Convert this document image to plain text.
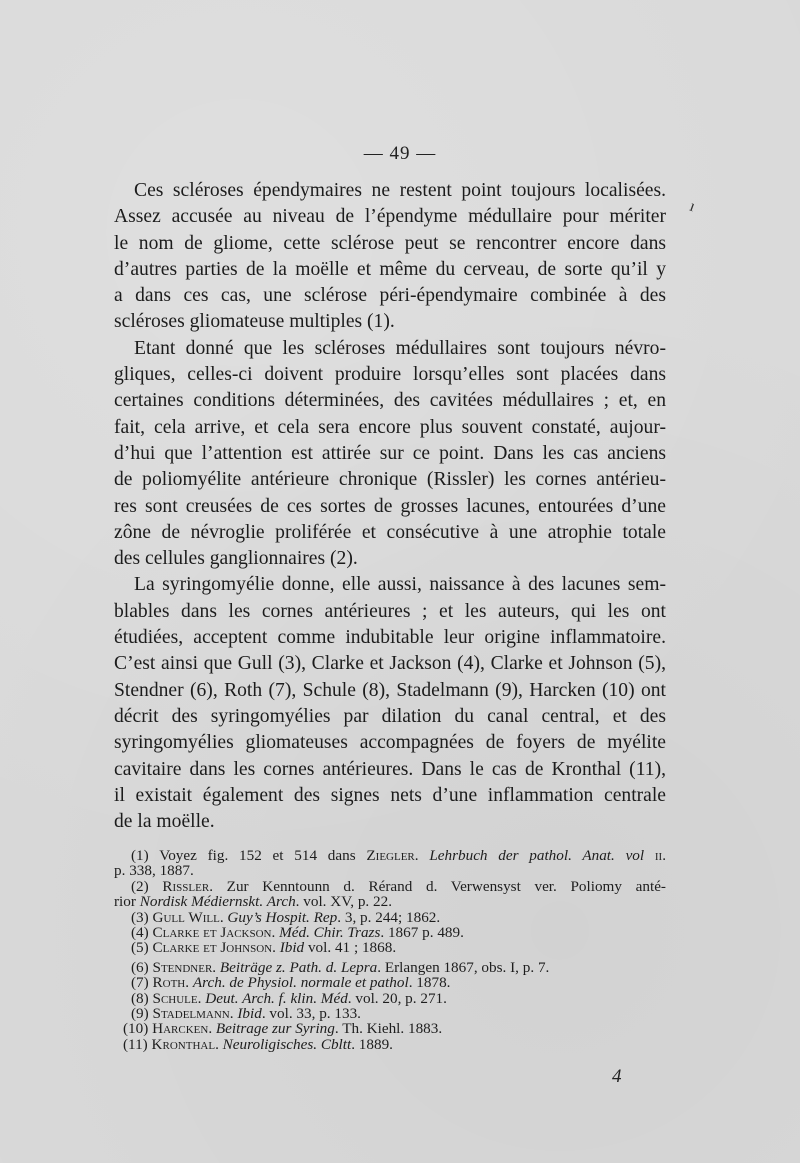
— 49 —
Ces scléroses épendymaires ne restent point toujours localisées.
Assez accusée au niveau de l’épendyme médullaire pour mériter
le nom de gliome, cette sclérose peut se rencontrer encore dans
d’autres parties de la moëlle et même du cerveau, de sorte qu’il y
a dans ces cas, une sclérose péri-épendymaire combinée à des
scléroses gliomateuse multiples (1).
Etant donné que les scléroses médullaires sont toujours névro-
gliques, celles-ci doivent produire lorsqu’elles sont placées dans
certaines conditions déterminées, des cavitées médullaires ; et, en
fait, cela arrive, et cela sera encore plus souvent constaté, aujour-
d’hui que l’attention est attirée sur ce point. Dans les cas anciens
de poliomyélite antérieure chronique (Rissler) les cornes antérieu-
res sont creusées de ces sortes de grosses lacunes, entourées d’une
zône de névroglie proliférée et consécutive à une atrophie totale
des cellules ganglionnaires (2).
La syringomyélie donne, elle aussi, naissance à des lacunes sem-
blables dans les cornes antérieures ; et les auteurs, qui les ont
étudiées, acceptent comme indubitable leur origine inflammatoire.
C’est ainsi que Gull (3), Clarke et Jackson (4), Clarke et Johnson (5),
Stendner (6), Roth (7), Schule (8), Stadelmann (9), Harcken (10) ont
décrit des syringomyélies par dilation du canal central, et des
syringomyélies gliomateuses accompagnées de foyers de myélite
cavitaire dans les cornes antérieures. Dans le cas de Kronthal (11),
il existait également des signes nets d’une inflammation centrale
de la moëlle.
(1) Voyez fig. 152 et 514 dans Ziegler. Lehrbuch der pathol. Anat. vol ii.
p. 338, 1887.
(2) Rissler. Zur Kenntounn d. Rérand d. Verwensyst ver. Poliomy anté-
rior Nordisk Médiernskt. Arch. vol. XV, p. 22.
(3) Gull Will. Guy’s Hospit. Rep. 3, p. 244; 1862.
(4) Clarke et Jackson. Méd. Chir. Trazs. 1867 p. 489.
(5) Clarke et Johnson. Ibid vol. 41 ; 1868.
(6) Stendner. Beiträge z. Path. d. Lepra. Erlangen 1867, obs. I, p. 7.
(7) Roth. Arch. de Physiol. normale et pathol. 1878.
(8) Schule. Deut. Arch. f. klin. Méd. vol. 20, p. 271.
(9) Stadelmann. Ibid. vol. 33, p. 133.
(10) Harcken. Beitrage zur Syring. Th. Kiehl. 1883.
(11) Kronthal. Neuroligisches. Cbltt. 1889.
4
ı
